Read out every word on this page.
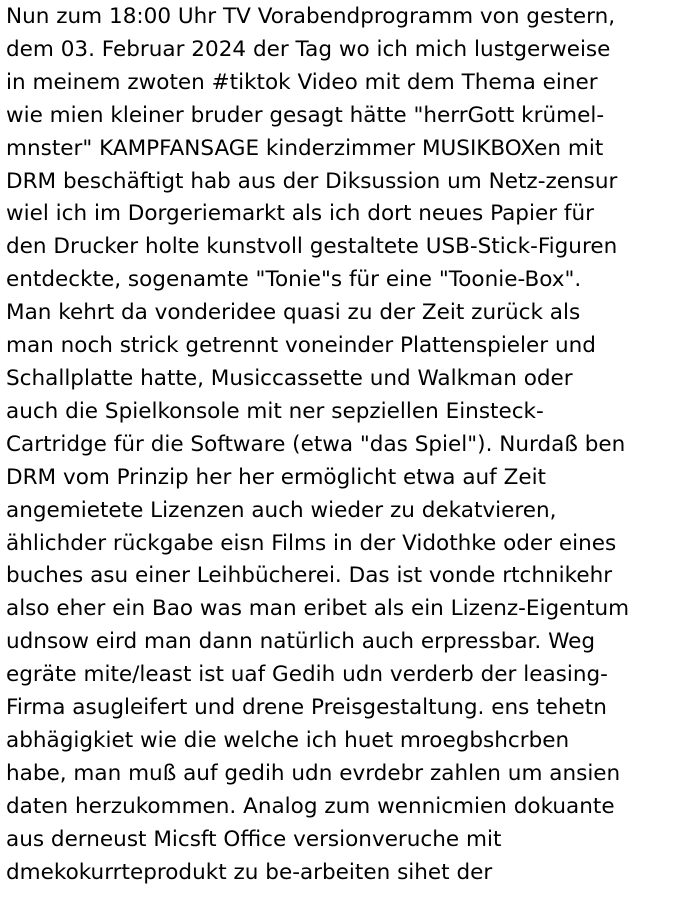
Nun zum 18:00 Uhr TV Vorabendprogramm von gestern,
dem 03. Februar 2024 der Tag wo ich mich lustgerweise
in meinem zwoten #tiktok Video mit dem Thema einer
wie mien kleiner bruder gesagt hätte "herrGott krümel-
mnster" KAMPFANSAGE kinderzimmer MUSIKBOXen mit
DRM beschäftigt hab aus der Diksussion um Netz-zensur
wiel ich im Dorgeriemarkt als ich dort neues Papier für
den Drucker holte kunstvoll gestaltete USB-Stick-Figuren
entdeckte, sogenamte "Tonie"s für eine "Toonie-Box".
Man kehrt da vonderidee quasi zu der Zeit zurück als
man noch strick getrennt voneinder Plattenspieler und
Schallplatte hatte, Musiccassette und Walkman oder
auch die Spielkonsole mit ner sepziellen Einsteck-
Cartridge für die Software (etwa "das Spiel"). Nurdaß ben
DRM vom Prinzip her her ermöglicht etwa auf Zeit
angemietete Lizenzen auch wieder zu dekatvieren,
ählichder rückgabe eisn Films in der Vidothke oder eines
buches asu einer Leihbücherei. Das ist vonde rtchnikehr
also eher ein Bao was man eribet als ein Lizenz-Eigentum
udnsow eird man dann natürlich auch erpressbar. Weg
egräte mite/least ist uaf Gedih udn verderb der leasing-
Firma asugleifert und drene Preisgestaltung. ens tehetn
abhägigkiet wie die welche ich huet mroegbshcrben
habe, man muß auf gedih udn evrdebr zahlen um ansien
daten herzukommen. Analog zum wennicmien dokuante
aus derneust Micsft Office versionveruche mit
dmekokurrteprodukt zu be-arbeiten sihet der
